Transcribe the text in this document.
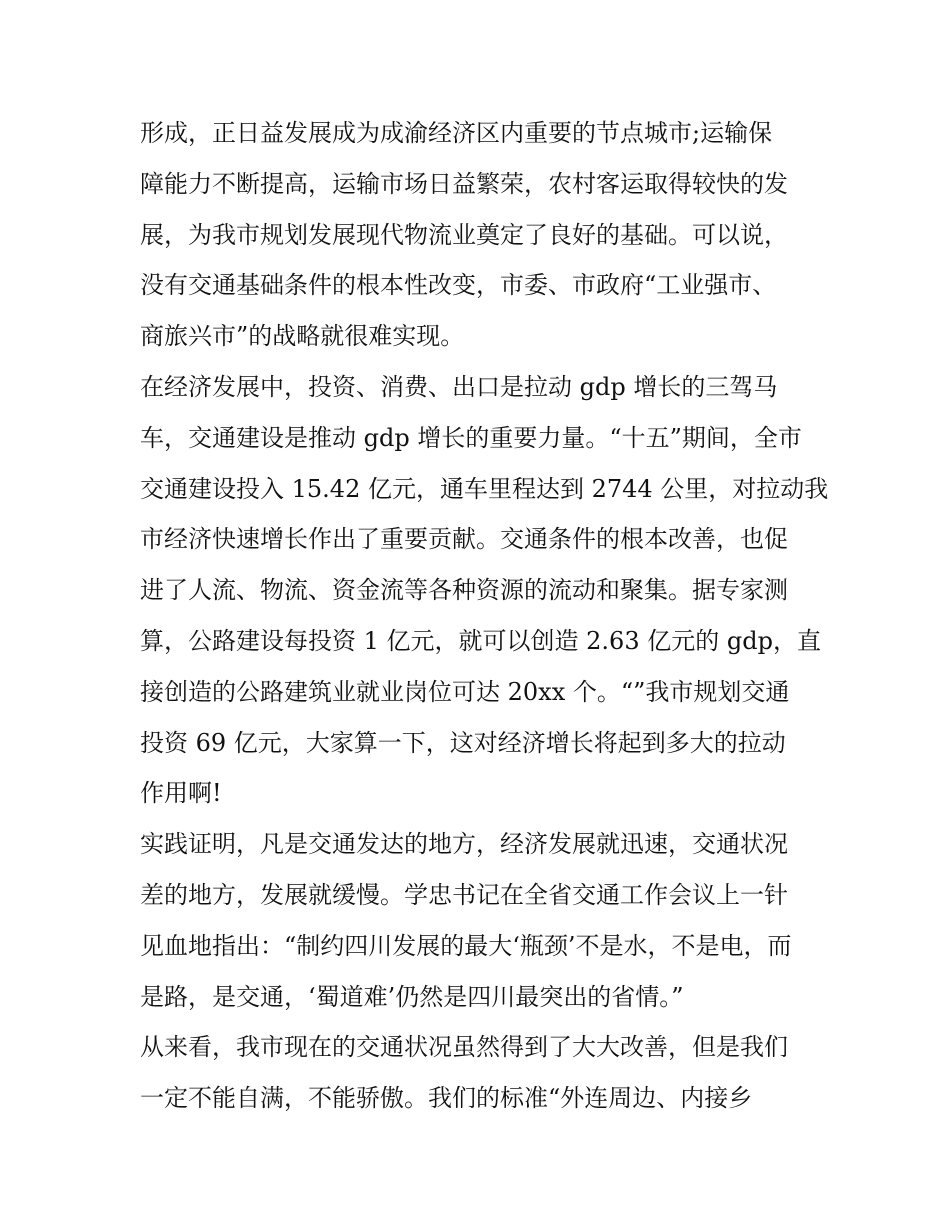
形成，正日益发展成为成渝经济区内重要的节点城市;运输保
障能力不断提高，运输市场日益繁荣，农村客运取得较快的发
展，为我市规划发展现代物流业奠定了良好的基础。可以说，
没有交通基础条件的根本性改变，市委、市政府“工业强市、
商旅兴市”的战略就很难实现。
在经济发展中，投资、消费、出口是拉动 gdp 增长的三驾马
车，交通建设是推动 gdp 增长的重要力量。“十五”期间，全市
交通建设投入 15.42 亿元，通车里程达到 2744 公里，对拉动我
市经济快速增长作出了重要贡献。交通条件的根本改善，也促
进了人流、物流、资金流等各种资源的流动和聚集。据专家测
算，公路建设每投资 1 亿元，就可以创造 2.63 亿元的 gdp，直
接创造的公路建筑业就业岗位可达 20xx 个。“”我市规划交通
投资 69 亿元，大家算一下，这对经济增长将起到多大的拉动
作用啊!
实践证明，凡是交通发达的地方，经济发展就迅速，交通状况
差的地方，发展就缓慢。学忠书记在全省交通工作会议上一针
见血地指出：“制约四川发展的最大‘瓶颈’不是水，不是电，而
是路，是交通，‘蜀道难’仍然是四川最突出的省情。”
从来看，我市现在的交通状况虽然得到了大大改善，但是我们
一定不能自满，不能骄傲。我们的标准“外连周边、内接乡
